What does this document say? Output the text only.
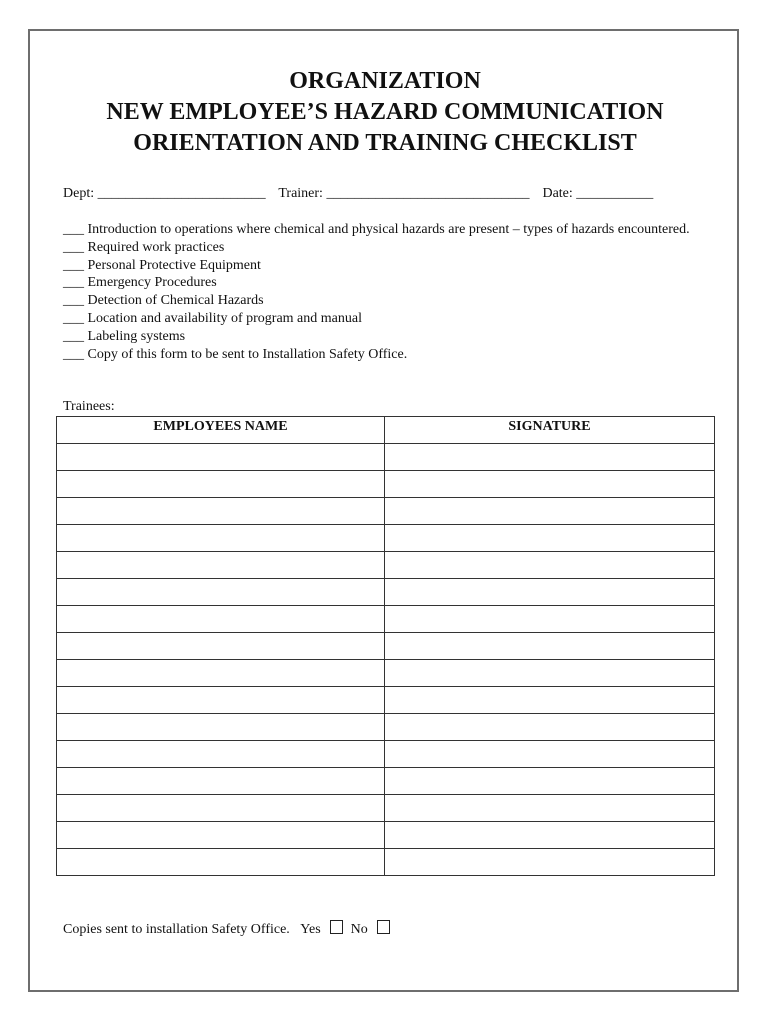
ORGANIZATION
NEW EMPLOYEE’S HAZARD COMMUNICATION
ORIENTATION AND TRAINING CHECKLIST
Dept: ________________________ Trainer: _____________________________ Date: ___________
___ Introduction to operations where chemical and physical hazards are present – types of hazards encountered.
___ Required work practices
___ Personal Protective Equipment
___ Emergency Procedures
___ Detection of Chemical Hazards
___ Location and availability of program and manual
___ Labeling systems
___ Copy of this form to be sent to Installation Safety Office.
Trainees:
EMPLOYEES NAME	SIGNATURE

Copies sent to installation Safety Office. Yes No
